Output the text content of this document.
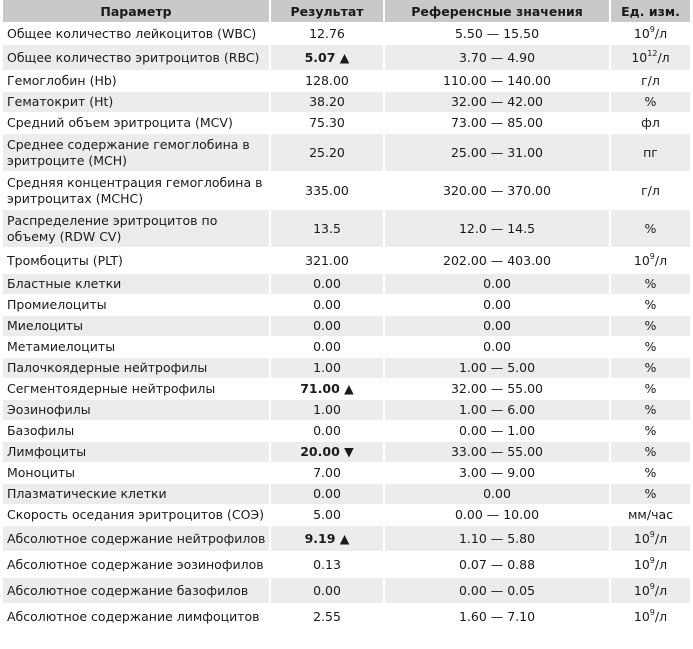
Параметр	Результат	Референсные значения	Ед. изм.
Общее количество лейкоцитов (WBC)	12.76	5.50 — 15.50	$10^9/л$
Общее количество эритроцитов (RBC)	5.07 ▲	3.70 — 4.90	$10^{12}/л$
Гемоглобин (Hb)	128.00	110.00 — 140.00	г/л
Гематокрит (Ht)	38.20	32.00 — 42.00	%
Средний объем эритроцита (MCV)	75.30	73.00 — 85.00	фл
Среднее содержание гемоглобина в эритроците (MCH)	25.20	25.00 — 31.00	пг
Средняя концентрация гемоглобина в эритроцитах (MCHC)	335.00	320.00 — 370.00	г/л
Распределение эритроцитов по объему (RDW CV)	13.5	12.0 — 14.5	%
Тромбоциты (PLT)	321.00	202.00 — 403.00	$10^9/л$
Бластные клетки	0.00	0.00	%
Промиелоциты	0.00	0.00	%
Миелоциты	0.00	0.00	%
Метамиелоциты	0.00	0.00	%
Палочкоядерные нейтрофилы	1.00	1.00 — 5.00	%
Сегментоядерные нейтрофилы	71.00 ▲	32.00 — 55.00	%
Эозинофилы	1.00	1.00 — 6.00	%
Базофилы	0.00	0.00 — 1.00	%
Лимфоциты	20.00 ▼	33.00 — 55.00	%
Моноциты	7.00	3.00 — 9.00	%
Плазматические клетки	0.00	0.00	%
Скорость оседания эритроцитов (СОЭ)	5.00	0.00 — 10.00	мм/час
Абсолютное содержание нейтрофилов	9.19 ▲	1.10 — 5.80	$10^9/л$
Абсолютное содержание эозинофилов	0.13	0.07 — 0.88	$10^9/л$
Абсолютное содержание базофилов	0.00	0.00 — 0.05	$10^9/л$
Абсолютное содержание лимфоцитов	2.55	1.60 — 7.10	$10^9/л$
